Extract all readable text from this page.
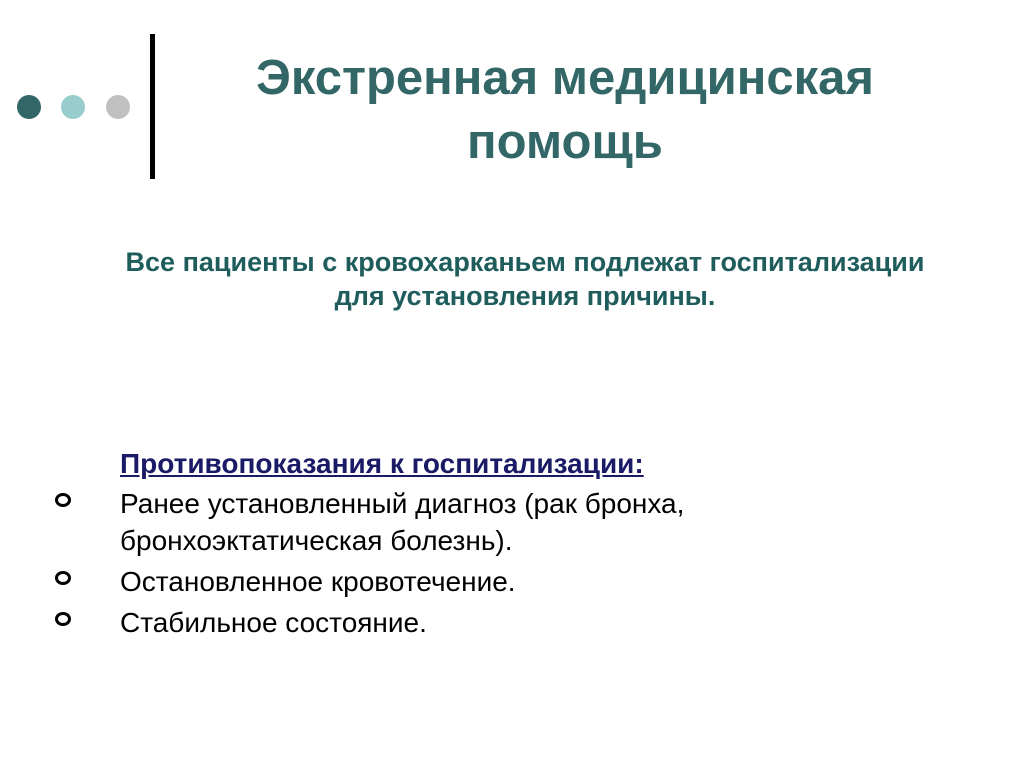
Экстренная медицинская
помощь

Все пациенты с кровохарканьем подлежат госпитализации
для установления причины.

Противопоказания к госпитализации:

Ранее установленный диагноз (рак бронха,
бронхоэктатическая болезнь).
Остановленное кровотечение.
Стабильное состояние.
